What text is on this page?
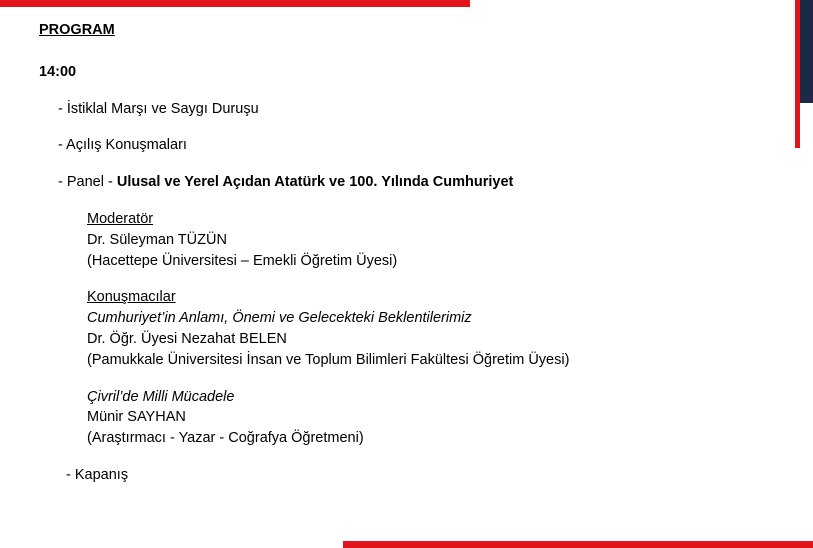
PROGRAM
14:00
- İstiklal Marşı ve Saygı Duruşu
- Açılış Konuşmaları
- Panel - Ulusal ve Yerel Açıdan Atatürk ve 100. Yılında Cumhuriyet
Moderatör
Dr. Süleyman TÜZÜN
(Hacettepe Üniversitesi – Emekli Öğretim Üyesi)
Konuşmacılar
Cumhuriyet’in Anlamı, Önemi ve Gelecekteki Beklentilerimiz
Dr. Öğr. Üyesi Nezahat BELEN
(Pamukkale Üniversitesi İnsan ve Toplum Bilimleri Fakültesi Öğretim Üyesi)
Çivril’de Milli Mücadele
Münir SAYHAN
(Araştırmacı - Yazar - Coğrafya Öğretmeni)
- Kapanış
